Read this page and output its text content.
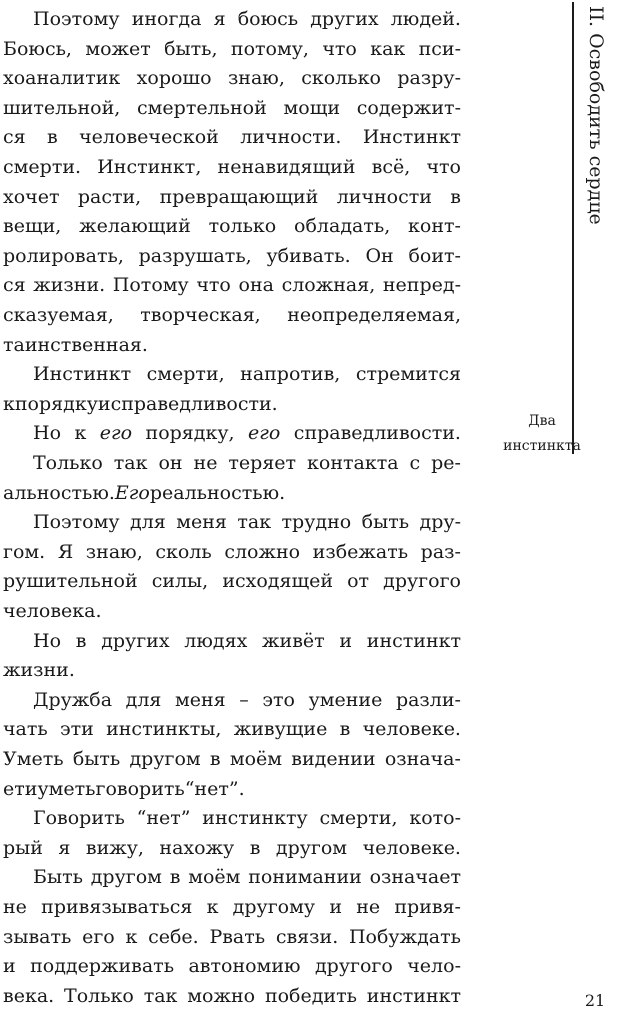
Поэтому иногда я боюсь других людей.
Боюсь, может быть, потому, что как пси-
хоаналитик хорошо знаю, сколько разру-
шительной, смертельной мощи содержит-
ся в человеческой личности. Инстинкт
смерти. Инстинкт, ненавидящий всё, что
хочет расти, превращающий личности в
вещи, желающий только обладать, конт-
ролировать, разрушать, убивать. Он боит-
ся жизни. Потому что она сложная, непред-
сказуемая, творческая, неопределяемая,
таинственная.
Инстинкт смерти, напротив, стремится
к порядку и справедливости.
Но к его порядку, его справедливости.
Только так он не теряет контакта с ре-
альностью. Его реальностью.
Поэтому для меня так трудно быть дру-
гом. Я знаю, сколь сложно избежать раз-
рушительной силы, исходящей от другого
человека.
Но в других людях живёт и инстинкт
жизни.
Дружба для меня – это умение разли-
чать эти инстинкты, живущие в человеке.
Уметь быть другом в моём видении означа-
ет и уметь говорить “нет”.
Говорить “нет” инстинкту смерти, кото-
рый я вижу, нахожу в другом человеке.
Быть другом в моём понимании означает
не привязываться к другому и не привя-
зывать его к себе. Рвать связи. Побуждать
и поддерживать автономию другого чело-
века. Только так можно победить инстинкт
II. Освободить сердце
Два
инстинкта
21
